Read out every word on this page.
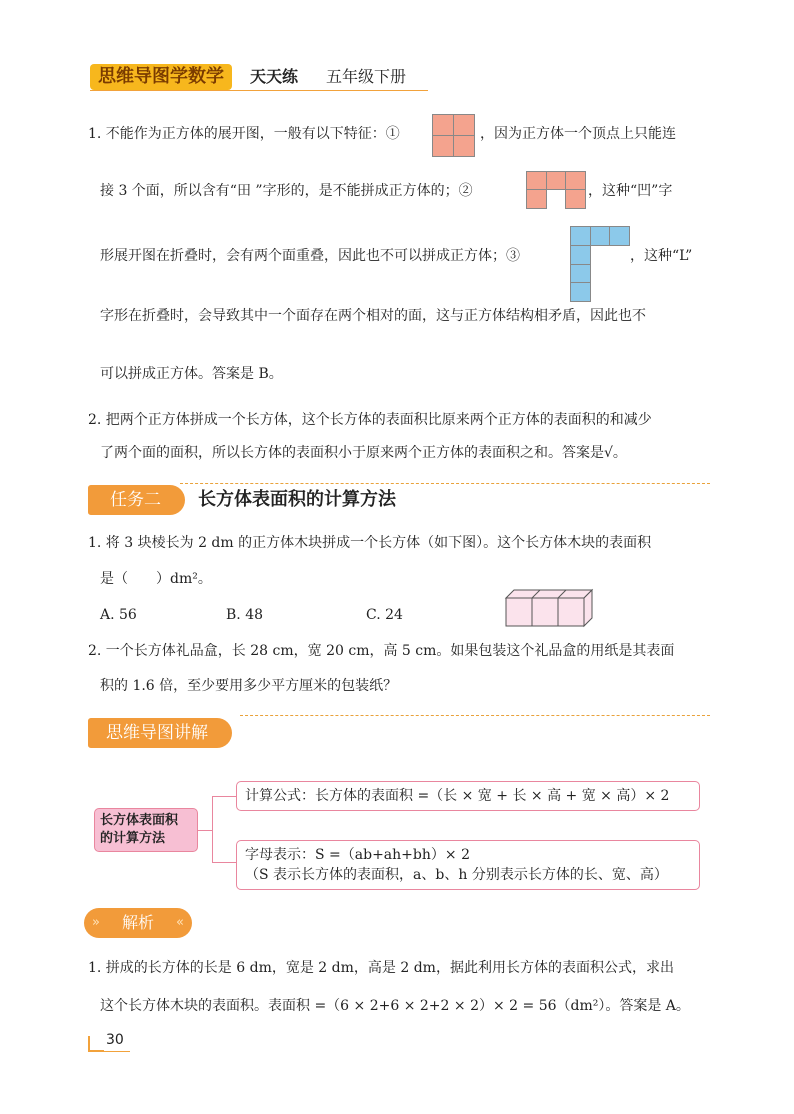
思维导图学数学	天天练 五年级下册
1. 不能作为正方体的展开图，一般有以下特征：①	，因为正方体一个顶点上只能连
接 3 个面，所以含有“田 ”字形的，是不能拼成正方体的；②	，这种“凹”字
形展开图在折叠时，会有两个面重叠，因此也不可以拼成正方体；③	，这种“L”
字形在折叠时，会导致其中一个面存在两个相对的面，这与正方体结构相矛盾，因此也不
可以拼成正方体。答案是 B。
2. 把两个正方体拼成一个长方体，这个长方体的表面积比原来两个正方体的表面积的和减少
了两个面的面积，所以长方体的表面积小于原来两个正方体的表面积之和。答案是√。
任务二	长方体表面积的计算方法
1. 将 3 块棱长为 2 dm 的正方体木块拼成一个长方体（如下图）。这个长方体木块的表面积
是（　　）dm²。
A. 56	B. 48	C. 24
2. 一个长方体礼品盒，长 28 cm，宽 20 cm，高 5 cm。如果包装这个礼品盒的用纸是其表面
积的 1.6 倍，至少要用多少平方厘米的包装纸？
思维导图讲解
长方体表面积
的计算方法
计算公式：长方体的表面积 =（长 × 宽 + 长 × 高 + 宽 × 高）× 2
字母表示：S =（ab+ah+bh）× 2
（S 表示长方体的表面积，a、b、h 分别表示长方体的长、宽、高）
» 解析 «
1. 拼成的长方体的长是 6 dm，宽是 2 dm，高是 2 dm，据此利用长方体的表面积公式，求出
这个长方体木块的表面积。表面积 =（6 × 2+6 × 2+2 × 2）× 2 = 56（dm²）。答案是 A。
30
